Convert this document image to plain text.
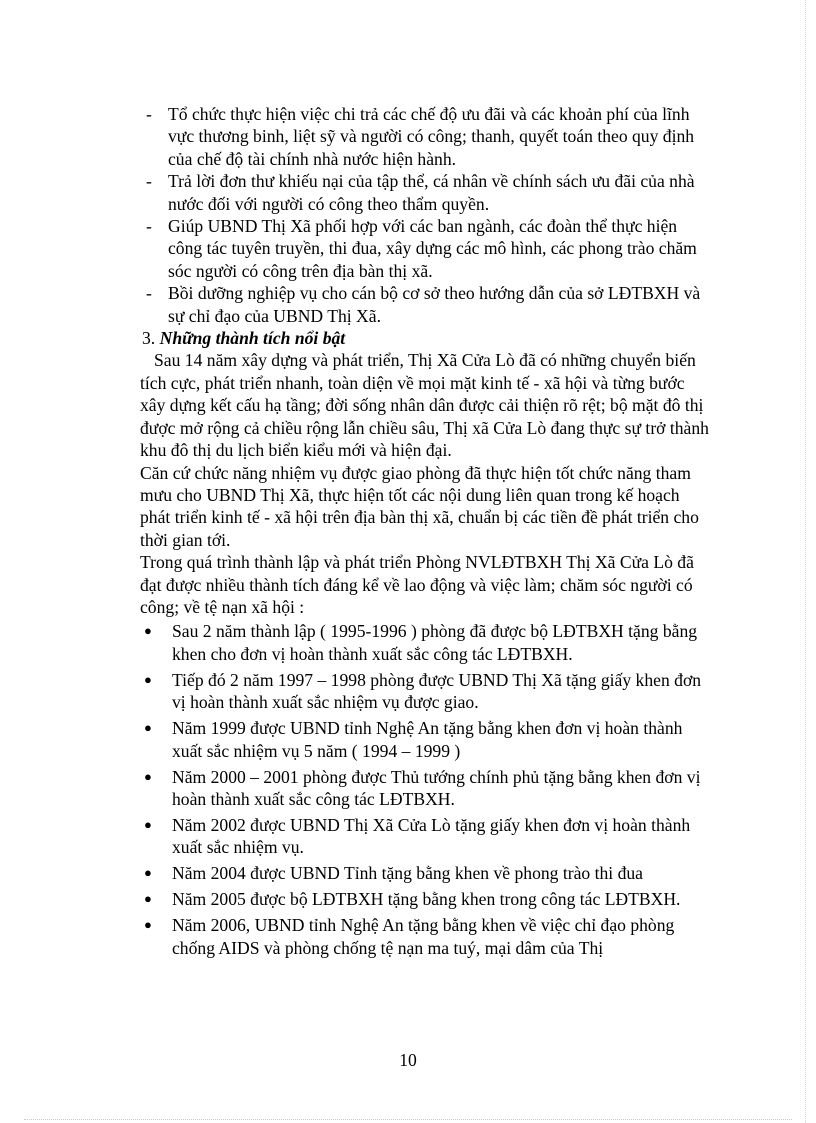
- Tổ chức thực hiện việc chi trả các chế độ ưu đãi và các khoản phí của lĩnh vực thương binh, liệt sỹ và người có công; thanh, quyết toán theo quy định của chế độ tài chính nhà nước hiện hành.
- Trả lời đơn thư khiếu nại của tập thể, cá nhân về chính sách ưu đãi của nhà nước đối với người có công theo thẩm quyền.
- Giúp UBND Thị Xã phối hợp với các ban ngành, các đoàn thể thực hiện công tác tuyên truyền, thi đua, xây dựng các mô hình, các phong trào chăm sóc người có công trên địa bàn thị xã.
- Bồi dưỡng nghiệp vụ cho cán bộ cơ sở theo hướng dẫn của sở LĐTBXH và sự chỉ đạo của UBND Thị Xã.

3. Những thành tích nổi bật

Sau 14 năm xây dựng và phát triển, Thị Xã Cửa Lò đã có những chuyển biến tích cực, phát triển nhanh, toàn diện về mọi mặt kinh tế - xã hội và từng bước xây dựng kết cấu hạ tầng; đời sống nhân dân được cải thiện rõ rệt; bộ mặt đô thị được mở rộng cả chiều rộng lẫn chiều sâu, Thị xã Cửa Lò đang thực sự trở thành khu đô thị du lịch biển kiểu mới và hiện đại.

Căn cứ chức năng nhiệm vụ được giao phòng đã thực hiện tốt chức năng tham mưu cho UBND Thị Xã, thực hiện tốt các nội dung liên quan trong kế hoạch phát triển kinh tế - xã hội trên địa bàn thị xã, chuẩn bị các tiền đề phát triển cho thời gian tới.

Trong quá trình thành lập và phát triển Phòng NVLĐTBXH Thị Xã Cửa Lò đã đạt được nhiều thành tích đáng kể về lao động và việc làm; chăm sóc người có công; về tệ nạn xã hội :

● Sau 2 năm thành lập ( 1995-1996 ) phòng đã được bộ LĐTBXH tặng bằng khen cho đơn vị hoàn thành xuất sắc công tác LĐTBXH.
● Tiếp đó 2 năm 1997 – 1998 phòng được UBND Thị Xã tặng giấy khen đơn vị hoàn thành xuất sắc nhiệm vụ được giao.
● Năm 1999 được UBND tỉnh Nghệ An tặng bằng khen đơn vị hoàn thành xuất sắc nhiệm vụ 5 năm ( 1994 – 1999 )
● Năm 2000 – 2001 phòng được Thủ tướng chính phủ tặng bằng khen đơn vị hoàn thành xuất sắc công tác LĐTBXH.
● Năm 2002 được UBND Thị Xã Cửa Lò tặng giấy khen đơn vị hoàn thành xuất sắc nhiệm vụ.
● Năm 2004 được UBND Tỉnh tặng bằng khen về phong trào thi đua
● Năm 2005 được bộ LĐTBXH tặng bằng khen trong công tác LĐTBXH.
● Năm 2006, UBND tỉnh Nghệ An tặng bằng khen về việc chỉ đạo phòng chống AIDS và phòng chống tệ nạn ma tuý, mại dâm của Thị
10
